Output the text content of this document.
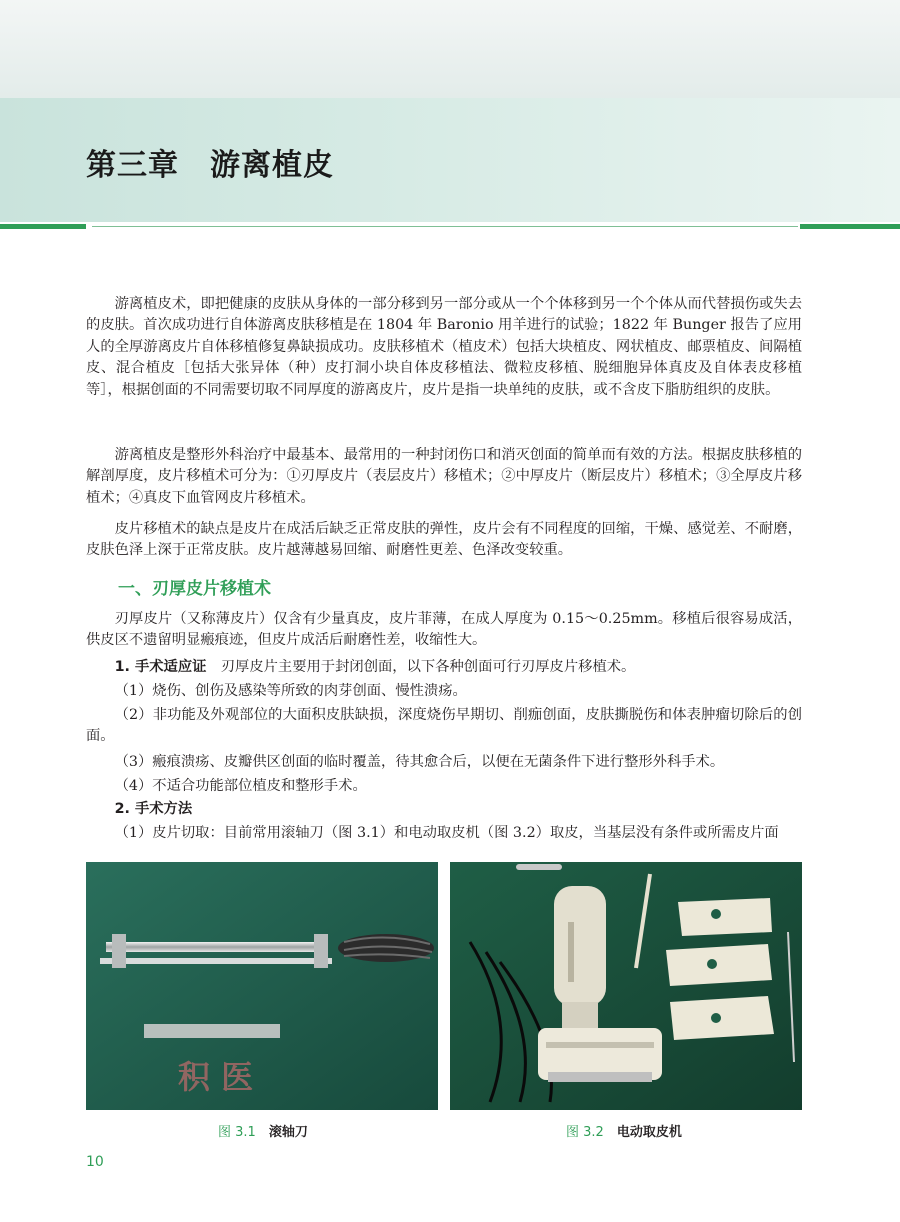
第三章　游离植皮

游离植皮术，即把健康的皮肤从身体的一部分移到另一部分或从一个个体移到另一个个体从而代替损伤或失去的皮肤。首次成功进行自体游离皮肤移植是在 1804 年 Baronio 用羊进行的试验；1822 年 Bunger 报告了应用人的全厚游离皮片自体移植修复鼻缺损成功。皮肤移植术（植皮术）包括大块植皮、网状植皮、邮票植皮、间隔植皮、混合植皮［包括大张异体（种）皮打洞小块自体皮移植法、微粒皮移植、脱细胞异体真皮及自体表皮移植等］，根据创面的不同需要切取不同厚度的游离皮片，皮片是指一块单纯的皮肤，或不含皮下脂肪组织的皮肤。

游离植皮是整形外科治疗中最基本、最常用的一种封闭伤口和消灭创面的简单而有效的方法。根据皮肤移植的解剖厚度，皮片移植术可分为：①刃厚皮片（表层皮片）移植术；②中厚皮片（断层皮片）移植术；③全厚皮片移植术；④真皮下血管网皮片移植术。

皮片移植术的缺点是皮片在成活后缺乏正常皮肤的弹性，皮片会有不同程度的回缩，干燥、感觉差、不耐磨，皮肤色泽上深于正常皮肤。皮片越薄越易回缩、耐磨性更差、色泽改变较重。

一、刃厚皮片移植术

刃厚皮片（又称薄皮片）仅含有少量真皮，皮片菲薄，在成人厚度为 0.15～0.25mm。移植后很容易成活，供皮区不遗留明显瘢痕迹，但皮片成活后耐磨性差，收缩性大。

1. 手术适应证　刃厚皮片主要用于封闭创面，以下各种创面可行刃厚皮片移植术。

（1）烧伤、创伤及感染等所致的肉芽创面、慢性溃疡。

（2）非功能及外观部位的大面积皮肤缺损，深度烧伤早期切、削痂创面，皮肤撕脱伤和体表肿瘤切除后的创面。

（3）瘢痕溃疡、皮瓣供区创面的临时覆盖，待其愈合后，以便在无菌条件下进行整形外科手术。

（4）不适合功能部位植皮和整形手术。

2. 手术方法

（1）皮片切取：目前常用滚轴刀（图 3.1）和电动取皮机（图 3.2）取皮，当基层没有条件或所需皮片面

积 医
图 3.1　 滚轴刀	图 3.2　 电动取皮机
10
